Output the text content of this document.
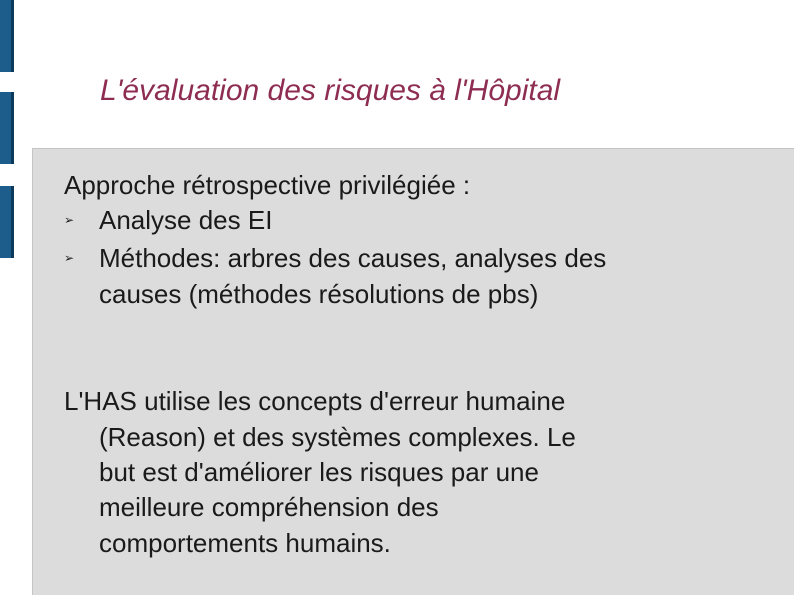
L'évaluation des risques à l'Hôpital
Approche rétrospective privilégiée :
➢ Analyse des EI
➢ Méthodes: arbres des causes, analyses des
causes (méthodes résolutions de pbs)
L'HAS utilise les concepts d'erreur humaine
(Reason) et des systèmes complexes. Le
but est d'améliorer les risques par une
meilleure compréhension des
comportements humains.
